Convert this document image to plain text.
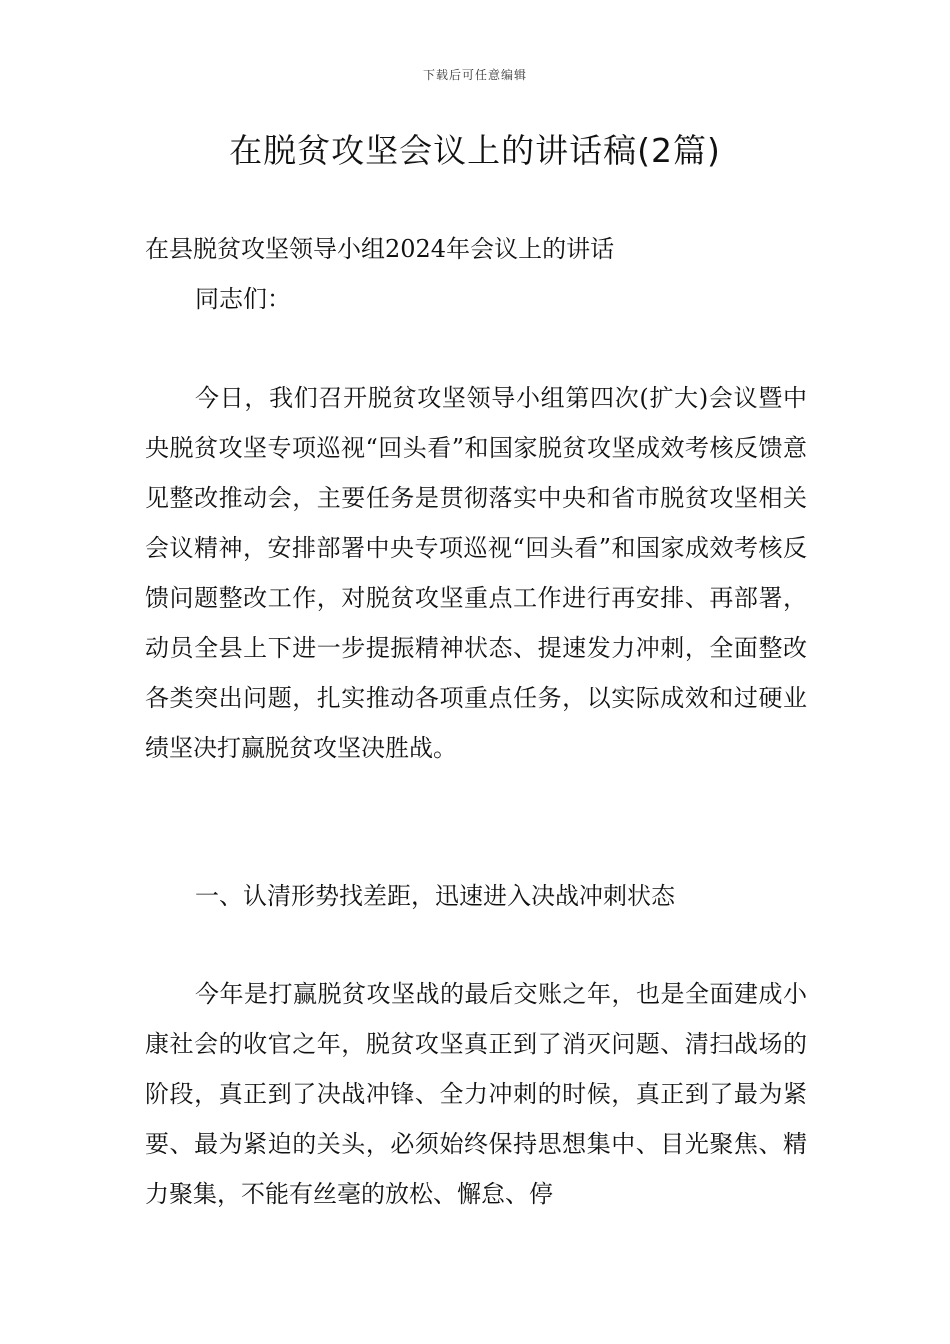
下载后可任意编辑
在脱贫攻坚会议上的讲话稿(2篇)
在县脱贫攻坚领导小组2024年会议上的讲话
同志们：
今日，我们召开脱贫攻坚领导小组第四次(扩大)会议暨中央脱贫攻坚专项巡视“回头看”和国家脱贫攻坚成效考核反馈意见整改推动会，主要任务是贯彻落实中央和省市脱贫攻坚相关会议精神，安排部署中央专项巡视“回头看”和国家成效考核反馈问题整改工作，对脱贫攻坚重点工作进行再安排、再部署，动员全县上下进一步提振精神状态、提速发力冲刺，全面整改各类突出问题，扎实推动各项重点任务，以实际成效和过硬业绩坚决打赢脱贫攻坚决胜战。
一、认清形势找差距，迅速进入决战冲刺状态
今年是打赢脱贫攻坚战的最后交账之年，也是全面建成小康社会的收官之年，脱贫攻坚真正到了消灭问题、清扫战场的阶段，真正到了决战冲锋、全力冲刺的时候，真正到了最为紧要、最为紧迫的关头，必须始终保持思想集中、目光聚焦、精力聚集，不能有丝毫的放松、懈怠、停
